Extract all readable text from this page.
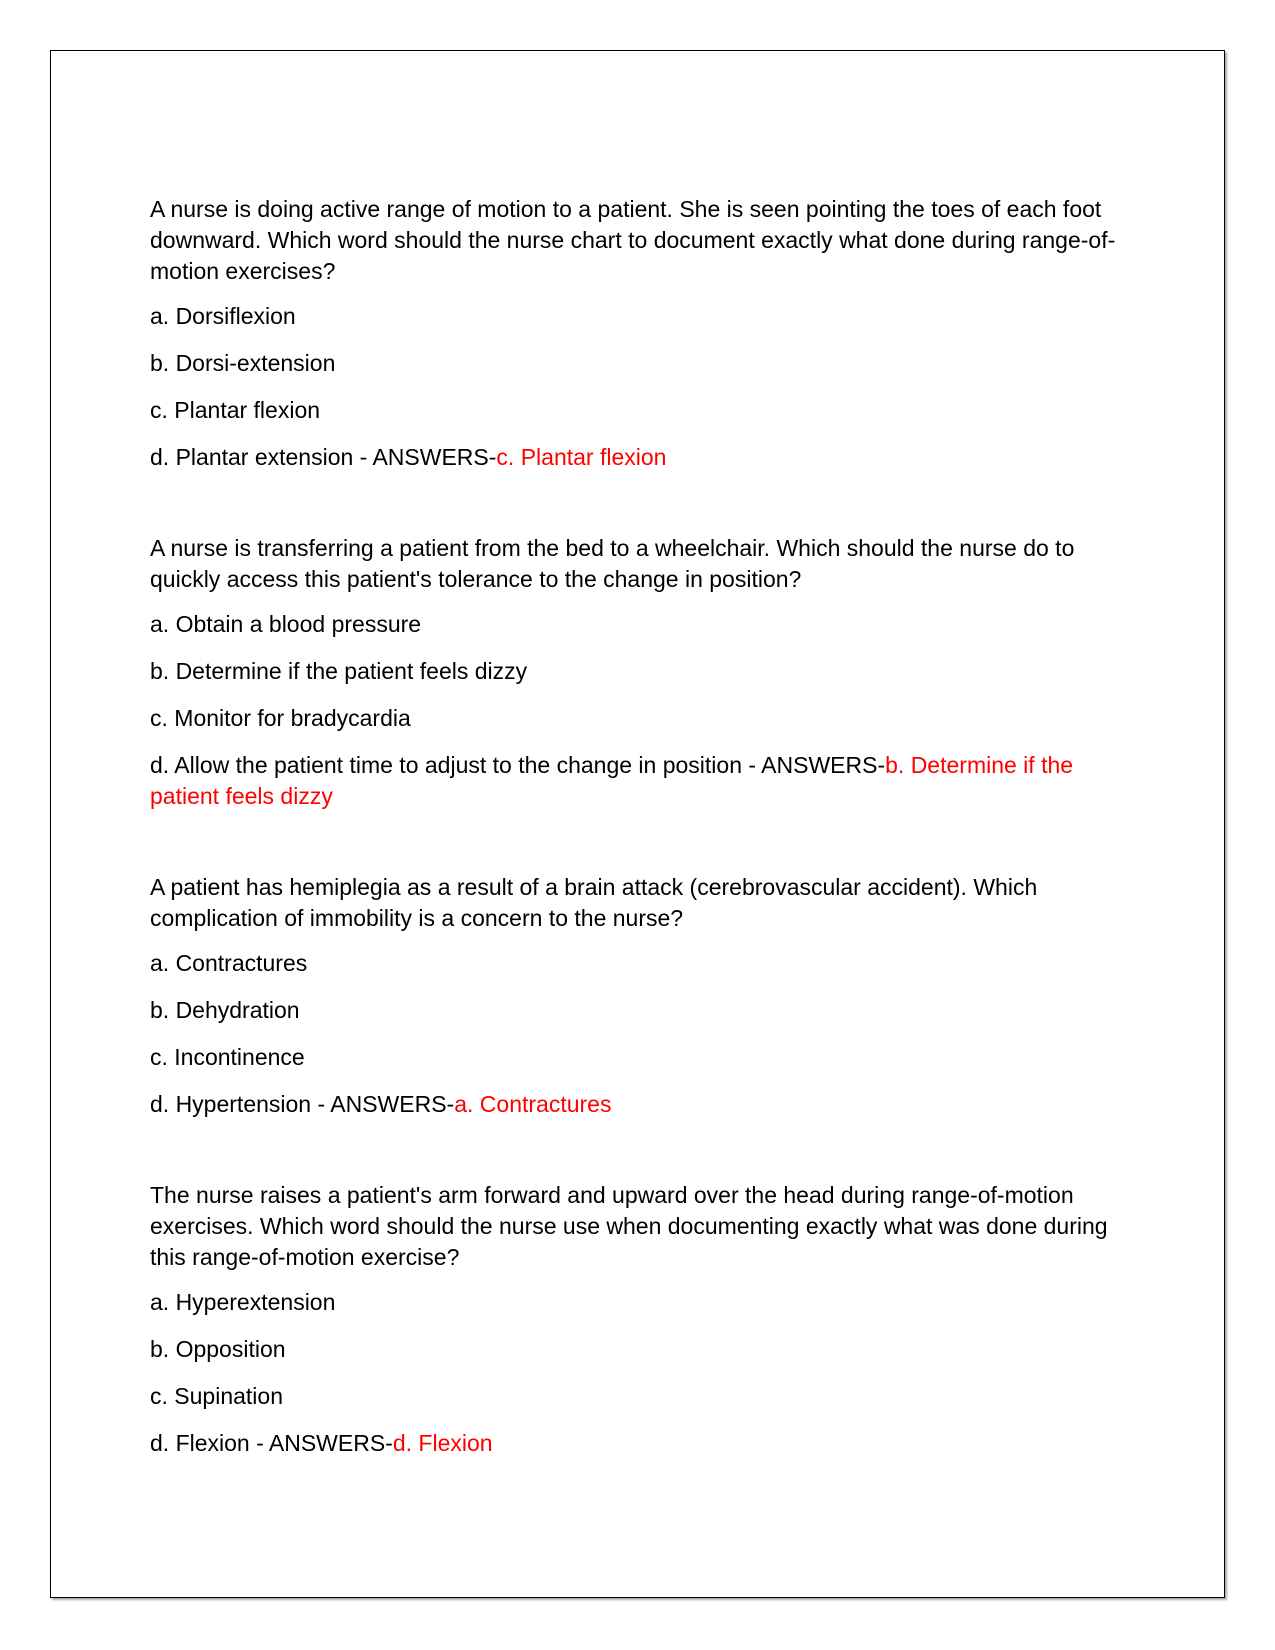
A nurse is doing active range of motion to a patient. She is seen pointing the toes of each foot downward. Which word should the nurse chart to document exactly what done during range-of-motion exercises?
a. Dorsiflexion
b. Dorsi-extension
c. Plantar flexion
d. Plantar extension - ANSWERS-c. Plantar flexion
A nurse is transferring a patient from the bed to a wheelchair. Which should the nurse do to quickly access this patient's tolerance to the change in position?
a. Obtain a blood pressure
b. Determine if the patient feels dizzy
c. Monitor for bradycardia
d. Allow the patient time to adjust to the change in position - ANSWERS-b. Determine if the patient feels dizzy
A patient has hemiplegia as a result of a brain attack (cerebrovascular accident). Which complication of immobility is a concern to the nurse?
a. Contractures
b. Dehydration
c. Incontinence
d. Hypertension - ANSWERS-a. Contractures
The nurse raises a patient's arm forward and upward over the head during range-of-motion exercises. Which word should the nurse use when documenting exactly what was done during this range-of-motion exercise?
a. Hyperextension
b. Opposition
c. Supination
d. Flexion - ANSWERS-d. Flexion
